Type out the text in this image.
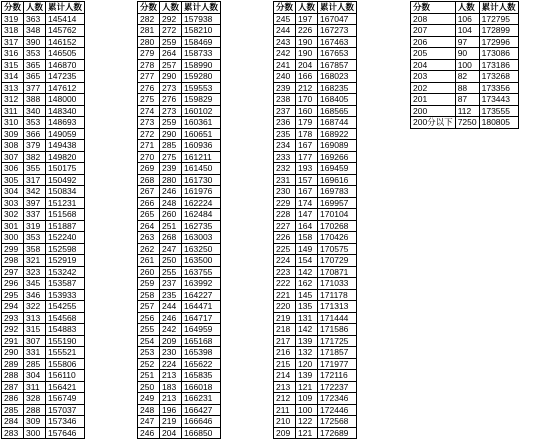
分数	人数	累计人数
319	363	145414
318	348	145762
317	390	146152
316	353	146505
315	365	146870
314	365	147235
313	377	147612
312	388	148000
311	340	148340
310	353	148693
309	366	149059
308	379	149438
307	382	149820
306	355	150175
305	317	150492
304	342	150834
303	397	151231
302	337	151568
301	319	151887
300	353	152240
299	358	152598
298	321	152919
297	323	153242
296	345	153587
295	346	153933
294	322	154255
293	313	154568
292	315	154883
291	307	155190
290	331	155521
289	285	155806
288	304	156110
287	311	156421
286	328	156749
285	288	157037
284	309	157346
283	300	157646
分数	人数	累计人数
282	292	157938
281	272	158210
280	259	158469
279	264	158733
278	257	158990
277	290	159280
276	273	159553
275	276	159829
274	273	160102
273	259	160361
272	290	160651
271	285	160936
270	275	161211
269	239	161450
268	280	161730
267	246	161976
266	248	162224
265	260	162484
264	251	162735
263	268	163003
262	247	163250
261	250	163500
260	255	163755
259	237	163992
258	235	164227
257	244	164471
256	246	164717
255	242	164959
254	209	165168
253	230	165398
252	224	165622
251	213	165835
250	183	166018
249	213	166231
248	196	166427
247	219	166646
246	204	166850
分数	人数	累计人数
245	197	167047
244	226	167273
243	190	167463
242	190	167653
241	204	167857
240	166	168023
239	212	168235
238	170	168405
237	160	168565
236	179	168744
235	178	168922
234	167	169089
233	177	169266
232	193	169459
231	157	169616
230	167	169783
229	174	169957
228	147	170104
227	164	170268
226	158	170426
225	149	170575
224	154	170729
223	142	170871
222	162	171033
221	145	171178
220	135	171313
219	131	171444
218	142	171586
217	139	171725
216	132	171857
215	120	171977
214	139	172116
213	121	172237
212	109	172346
211	100	172446
210	122	172568
209	121	172689
分数	人数	累计人数
208	106	172795
207	104	172899
206	97	172996
205	90	173086
204	100	173186
203	82	173268
202	88	173356
201	87	173443
200	112	173555
200分以下	7250	180805
